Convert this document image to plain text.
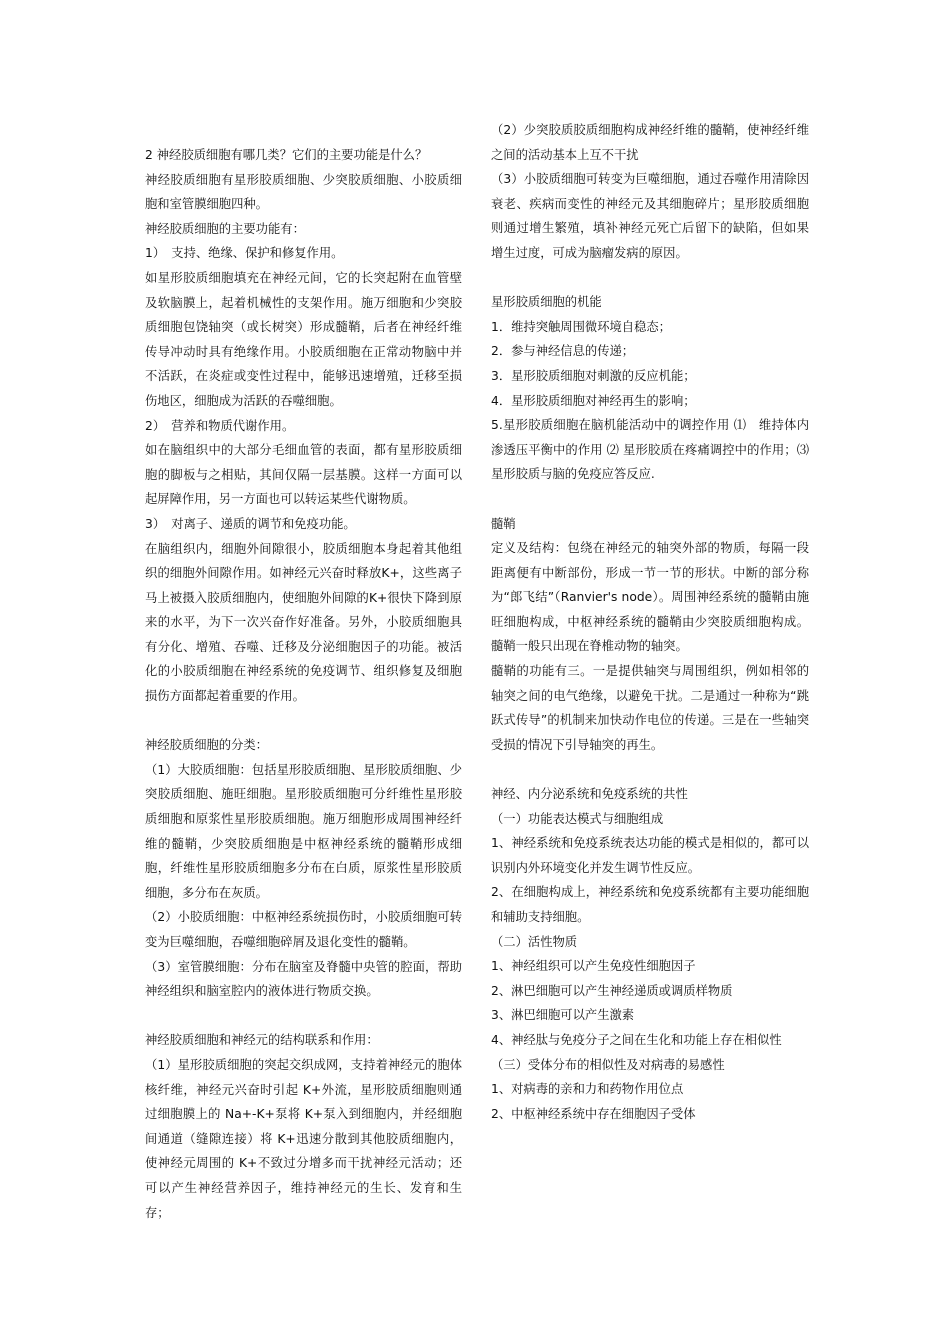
2 神经胶质细胞有哪几类？它们的主要功能是什么？

神经胶质细胞有星形胶质细胞、少突胶质细胞、小胶质细胞和室管膜细胞四种。

神经胶质细胞的主要功能有：

1）　支持、绝缘、保护和修复作用。

如星形胶质细胞填充在神经元间，它的长突起附在血管壁及软脑膜上，起着机械性的支架作用。施万细胞和少突胶质细胞包饶轴突（或长树突）形成髓鞘，后者在神经纤维传导冲动时具有绝缘作用。小胶质细胞在正常动物脑中并不活跃，在炎症或变性过程中，能够迅速增殖，迁移至损伤地区，细胞成为活跃的吞噬细胞。

2）　营养和物质代谢作用。

如在脑组织中的大部分毛细血管的表面，都有星形胶质细胞的脚板与之相贴，其间仅隔一层基膜。这样一方面可以起屏障作用，另一方面也可以转运某些代谢物质。

3）　对离子、递质的调节和免疫功能。

在脑组织内，细胞外间隙很小，胶质细胞本身起着其他组织的细胞外间隙作用。如神经元兴奋时释放K+，这些离子马上被摄入胶质细胞内，使细胞外间隙的K+很快下降到原来的水平，为下一次兴奋作好准备。另外，小胶质细胞具有分化、增殖、吞噬、迁移及分泌细胞因子的功能。被活化的小胶质细胞在神经系统的免疫调节、组织修复及细胞损伤方面都起着重要的作用。

神经胶质细胞的分类：

（1）大胶质细胞：包括星形胶质细胞、星形胶质细胞、少突胶质细胞、施旺细胞。星形胶质细胞可分纤维性星形胶质细胞和原浆性星形胶质细胞。施万细胞形成周围神经纤维的髓鞘，少突胶质细胞是中枢神经系统的髓鞘形成细胞，纤维性星形胶质细胞多分布在白质，原浆性星形胶质细胞，多分布在灰质。

（2）小胶质细胞：中枢神经系统损伤时，小胶质细胞可转变为巨噬细胞，吞噬细胞碎屑及退化变性的髓鞘。

（3）室管膜细胞：分布在脑室及脊髓中央管的腔面，帮助神经组织和脑室腔内的液体进行物质交换。

神经胶质细胞和神经元的结构联系和作用：

（1）星形胶质细胞的突起交织成网，支持着神经元的胞体核纤维，神经元兴奋时引起 K+外流，星形胶质细胞则通过细胞膜上的 Na+-K+泵将 K+泵入到细胞内，并经细胞间通道（缝隙连接）将 K+迅速分散到其他胶质细胞内，使神经元周围的 K+不致过分增多而干扰神经元活动；还可以产生神经营养因子，维持神经元的生长、发育和生存；

（2）少突胶质胶质细胞构成神经纤维的髓鞘，使神经纤维之间的活动基本上互不干扰

（3）小胶质细胞可转变为巨噬细胞，通过吞噬作用清除因衰老、疾病而变性的神经元及其细胞碎片；星形胶质细胞则通过增生繁殖，填补神经元死亡后留下的缺陷，但如果增生过度，可成为脑瘤发病的原因。

星形胶质细胞的机能

1．维持突触周围微环境自稳态；

2．参与神经信息的传递；

3．星形胶质细胞对刺激的反应机能；

4．星形胶质细胞对神经再生的影响；

5.星形胶质细胞在脑机能活动中的调控作用 ⑴　维持体内渗透压平衡中的作用 ⑵ 星形胶质在疼痛调控中的作用；⑶ 星形胶质与脑的免疫应答反应.

髓鞘

定义及结构：包绕在神经元的轴突外部的物质，每隔一段距离便有中断部份，形成一节一节的形状。中断的部分称为“郎飞结”（Ranvier's node）。周围神经系统的髓鞘由施旺细胞构成，中枢神经系统的髓鞘由少突胶质细胞构成。髓鞘一般只出现在脊椎动物的轴突。

髓鞘的功能有三。一是提供轴突与周围组织，例如相邻的轴突之间的电气绝缘，以避免干扰。二是通过一种称为“跳跃式传导”的机制来加快动作电位的传递。三是在一些轴突受损的情况下引导轴突的再生。

神经、内分泌系统和免疫系统的共性

（一）功能表达模式与细胞组成

1、神经系统和免疫系统表达功能的模式是相似的，都可以识别内外环境变化并发生调节性反应。

2、在细胞构成上，神经系统和免疫系统都有主要功能细胞和辅助支持细胞。

（二）活性物质

1、神经组织可以产生免疫性细胞因子

2、淋巴细胞可以产生神经递质或调质样物质

3、淋巴细胞可以产生激素

4、神经肽与免疫分子之间在生化和功能上存在相似性

（三）受体分布的相似性及对病毒的易感性

1、对病毒的亲和力和药物作用位点

2、中枢神经系统中存在细胞因子受体
